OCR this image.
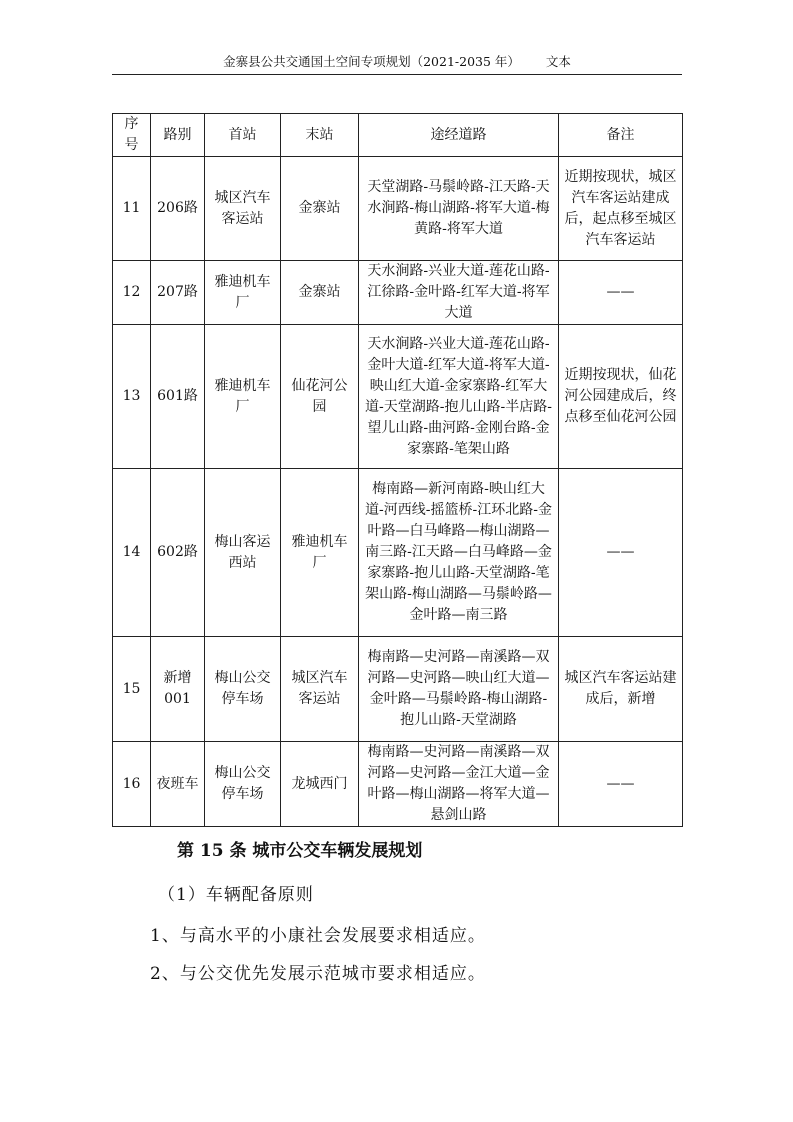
金寨县公共交通国土空间专项规划（2021-2035 年） 文本
序号	路别	首站	末站	途经道路	备注
11	206路	城区汽车客运站	金寨站	天堂湖路-马鬃岭路-江天路-天水涧路-梅山湖路-将军大道-梅黄路-将军大道	近期按现状，城区汽车客运站建成后，起点移至城区汽车客运站
12	207路	雅迪机车厂	金寨站	天水涧路-兴业大道-莲花山路-江徐路-金叶路-红军大道-将军大道	——
13	601路	雅迪机车厂	仙花河公园	天水涧路-兴业大道-莲花山路-金叶大道-红军大道-将军大道-映山红大道-金家寨路-红军大道-天堂湖路-抱儿山路-半店路-望儿山路-曲河路-金刚台路-金家寨路-笔架山路	近期按现状，仙花河公园建成后，终点移至仙花河公园
14	602路	梅山客运西站	雅迪机车厂	梅南路—新河南路-映山红大道-河西线-摇篮桥-江环北路-金叶路—白马峰路—梅山湖路—南三路-江天路—白马峰路—金家寨路-抱儿山路-天堂湖路-笔架山路-梅山湖路—马鬃岭路—金叶路—南三路	——
15	新增001	梅山公交停车场	城区汽车客运站	梅南路—史河路—南溪路—双河路—史河路—映山红大道—金叶路—马鬃岭路-梅山湖路-抱儿山路-天堂湖路	城区汽车客运站建成后，新增
16	夜班车	梅山公交停车场	龙城西门	梅南路—史河路—南溪路—双河路—史河路—金江大道—金叶路—梅山湖路—将军大道—悬剑山路	——
第 15 条 城市公交车辆发展规划
（1）车辆配备原则
1、与高水平的小康社会发展要求相适应。
2、与公交优先发展示范城市要求相适应。
